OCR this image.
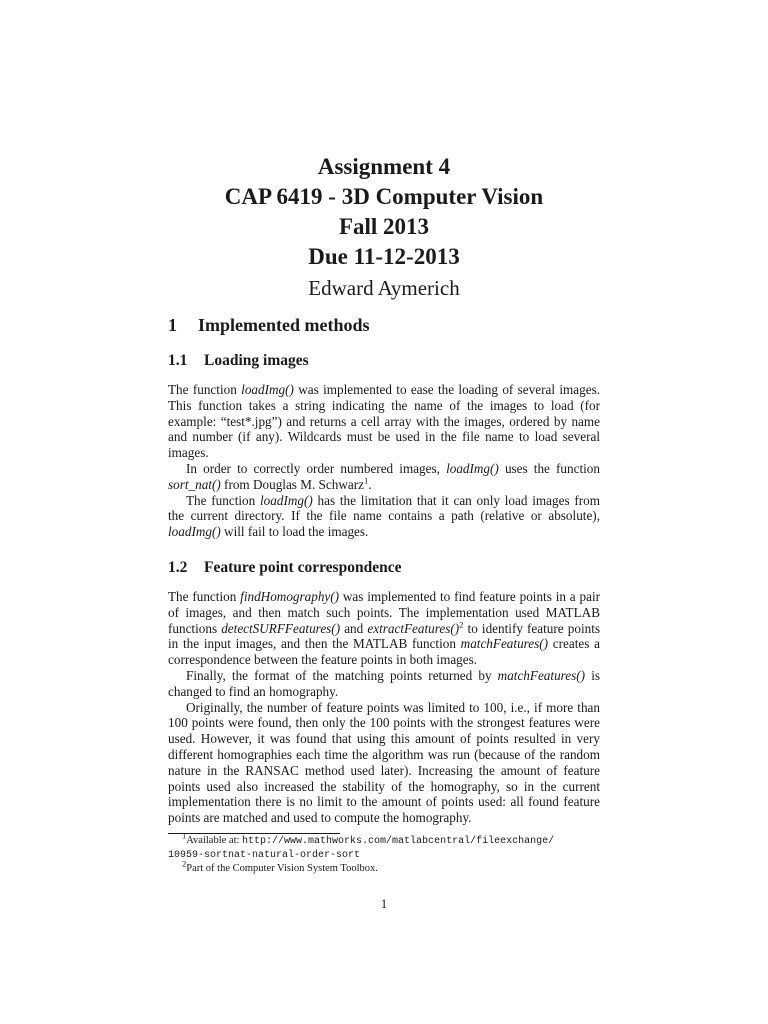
Assignment 4
CAP 6419 - 3D Computer Vision
Fall 2013
Due 11-12-2013
Edward Aymerich
1 Implemented methods
1.1 Loading images

The function loadImg() was implemented to ease the loading of several images. This function takes a string indicating the name of the images to load (for example: “test*.jpg”) and returns a cell array with the images, ordered by name and number (if any). Wildcards must be used in the file name to load several images.

In order to correctly order numbered images, loadImg() uses the function sort_nat() from Douglas M. Schwarz$^1$.

The function loadImg() has the limitation that it can only load images from the current directory. If the file name contains a path (relative or absolute), loadImg() will fail to load the images.

1.2 Feature point correspondence

The function findHomography() was implemented to find feature points in a pair of images, and then match such points. The implementation used MATLAB functions detectSURFFeatures() and extractFeatures()$^2$ to identify feature points in the input images, and then the MATLAB function matchFeatures() creates a correspondence between the feature points in both images.

Finally, the format of the matching points returned by matchFeatures() is changed to find an homography.

Originally, the number of feature points was limited to 100, i.e., if more than 100 points were found, then only the 100 points with the strongest features were used. However, it was found that using this amount of points resulted in very different homographies each time the algorithm was run (because of the random nature in the RANSAC method used later). Increasing the amount of feature points used also increased the stability of the homography, so in the current implementation there is no limit to the amount of points used: all found feature points are matched and used to compute the homography.

$^1$Available at: http://www.mathworks.com/matlabcentral/fileexchange/
10959-sortnat-natural-order-sort
$^2$Part of the Computer Vision System Toolbox.
1
